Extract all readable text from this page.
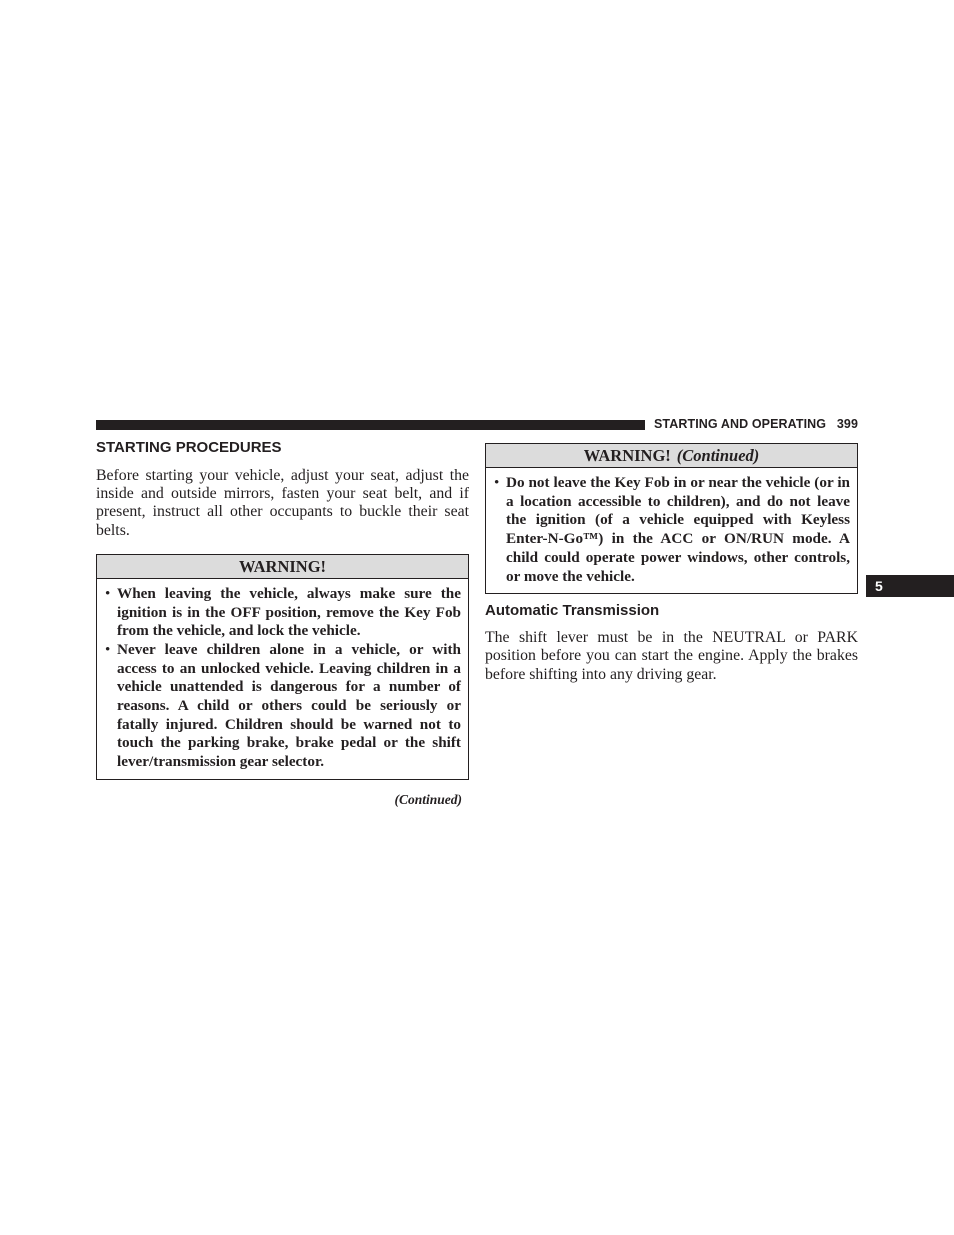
STARTING AND OPERATING 399
5
STARTING PROCEDURES

Before starting your vehicle, adjust your seat, adjust the inside and outside mirrors, fasten your seat belt, and if present, instruct all other occupants to buckle their seat belts.

WARNING!
• When leaving the vehicle, always make sure the ignition is in the OFF position, remove the Key Fob from the vehicle, and lock the vehicle.
• Never leave children alone in a vehicle, or with access to an unlocked vehicle. Leaving children in a vehicle unattended is dangerous for a number of reasons. A child or others could be seriously or fatally injured. Children should be warned not to touch the parking brake, brake pedal or the shift lever/transmission gear selector.
(Continued)
WARNING! (Continued)
• Do not leave the Key Fob in or near the vehicle (or in a location accessible to children), and do not leave the ignition (of a vehicle equipped with Keyless Enter-N-Go™) in the ACC or ON/RUN mode. A child could operate power windows, other controls, or move the vehicle.
Automatic Transmission

The shift lever must be in the NEUTRAL or PARK position before you can start the engine. Apply the brakes before shifting into any driving gear.
